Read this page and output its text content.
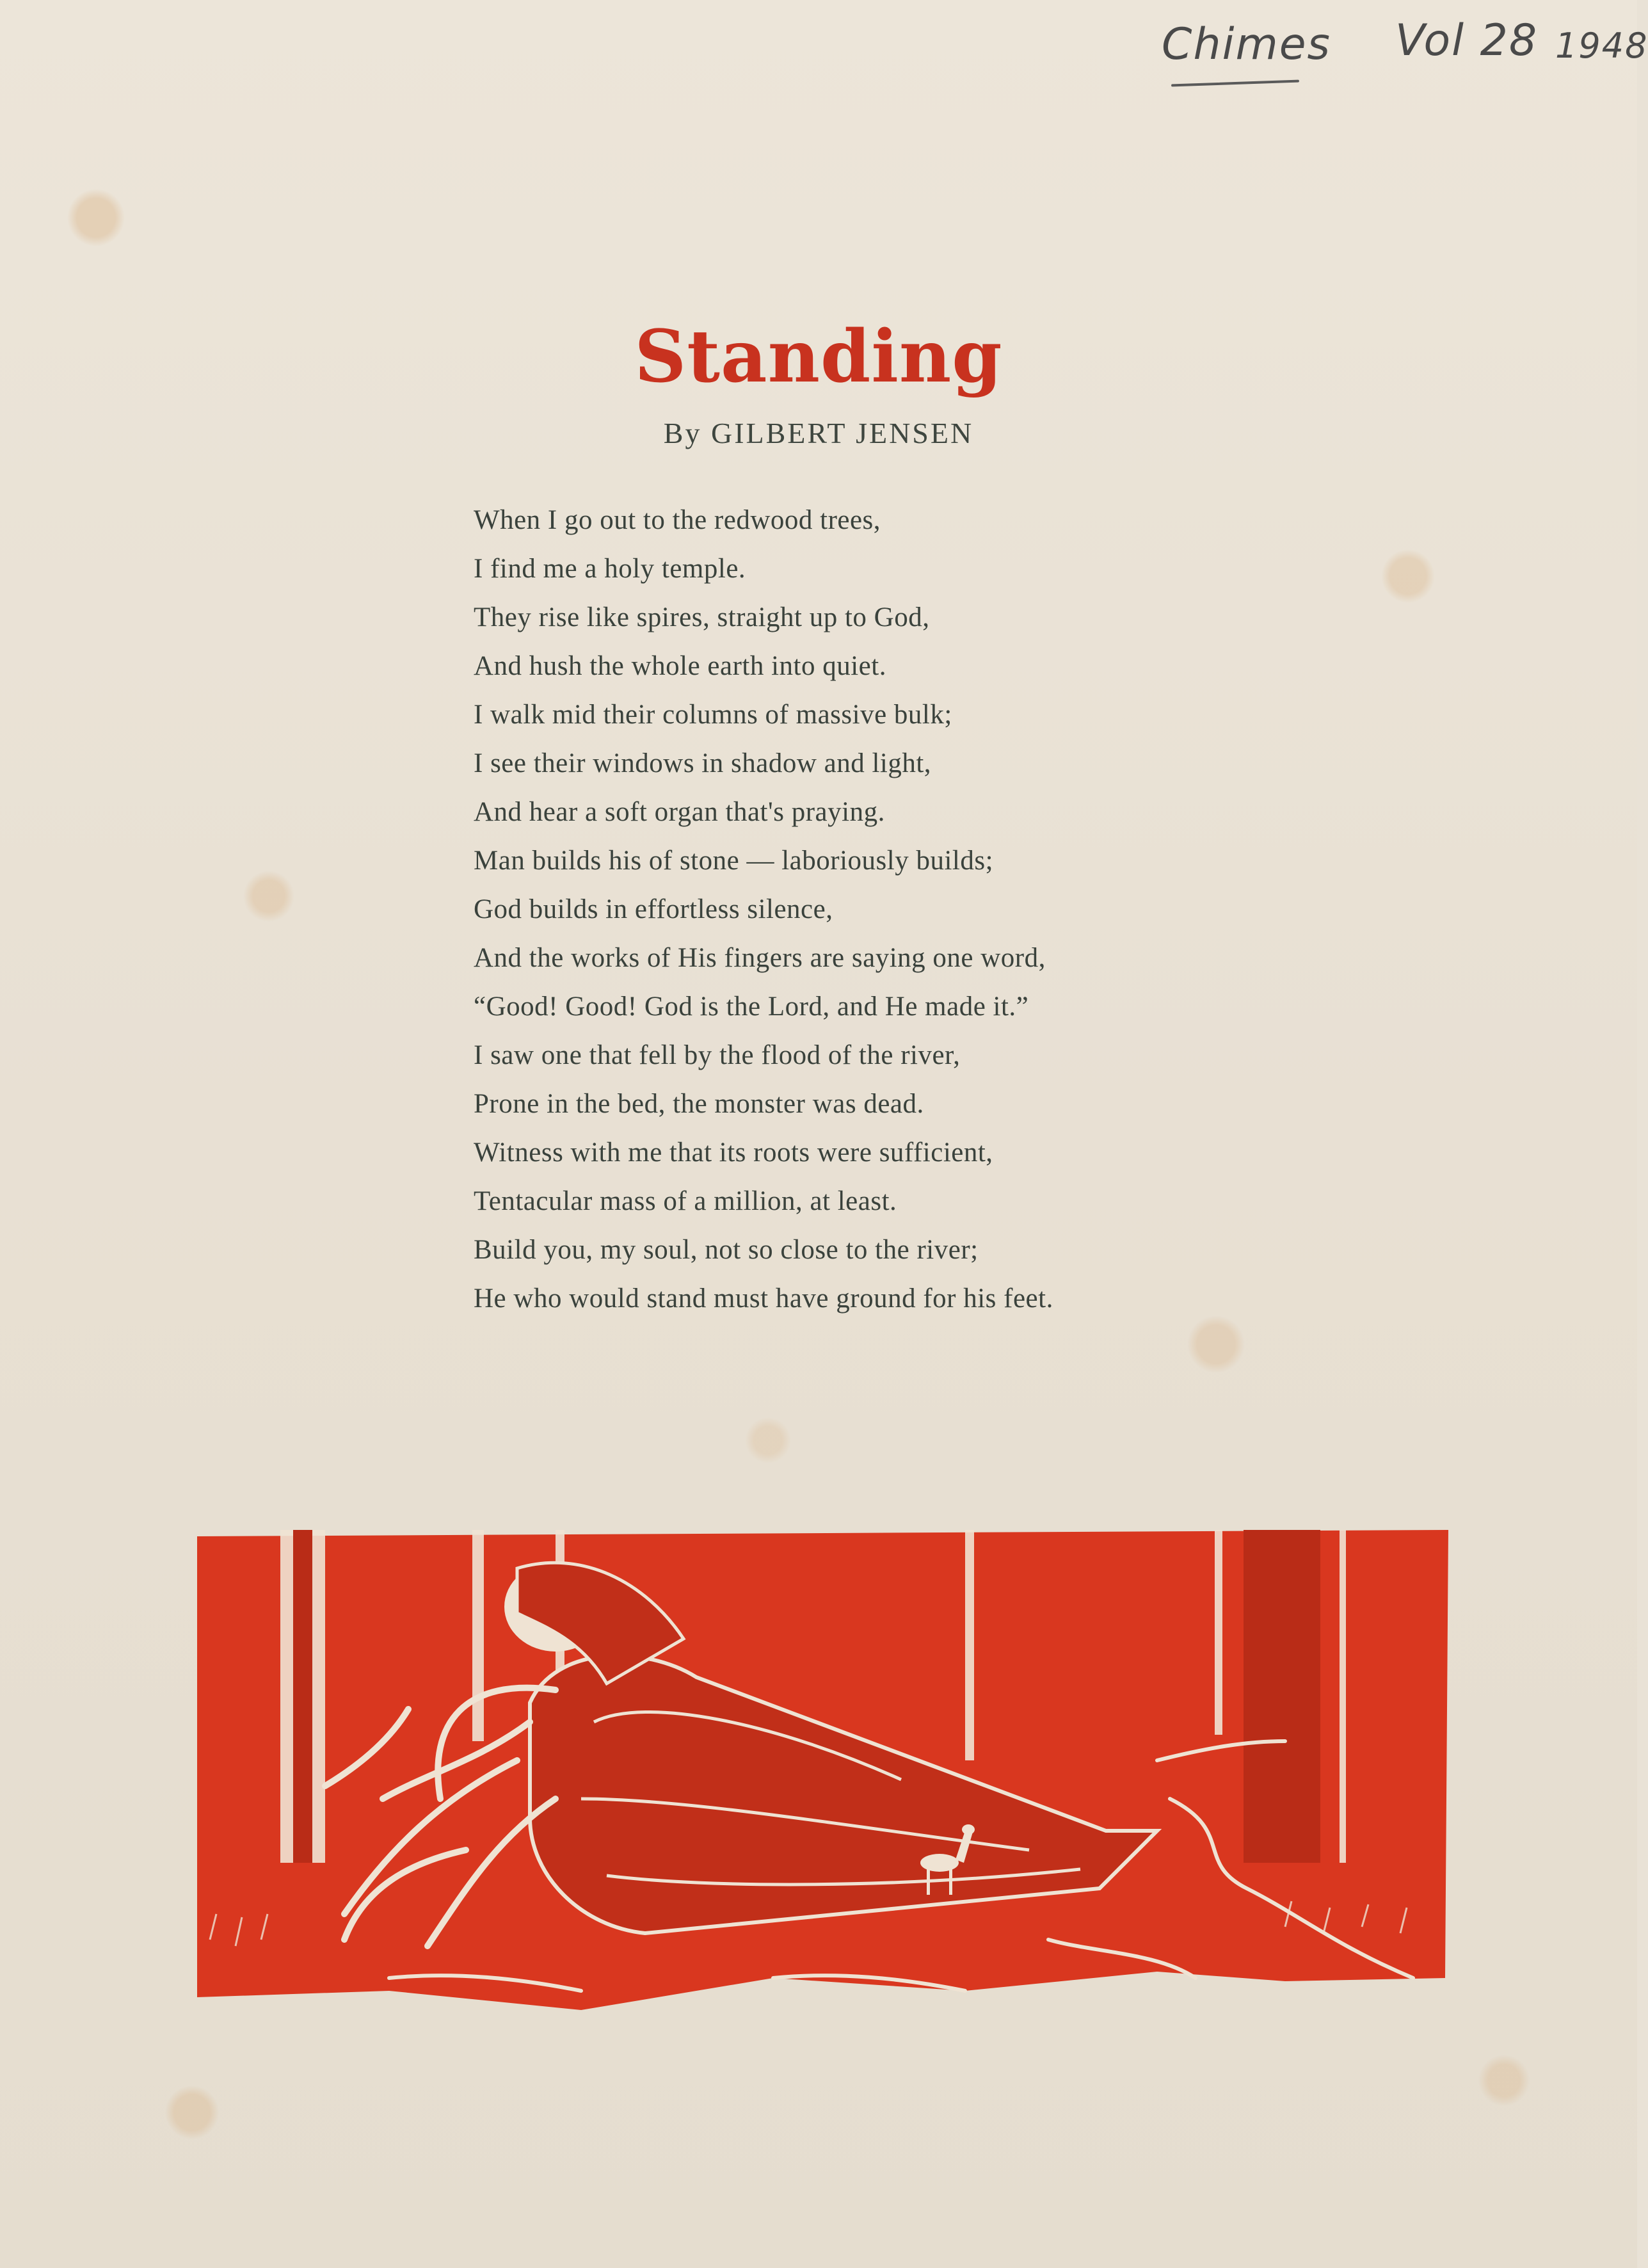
Chimes Vol 28 1948
Standing
By GILBERT JENSEN
When I go out to the redwood trees,
I find me a holy temple.
They rise like spires, straight up to God,
And hush the whole earth into quiet.
I walk mid their columns of massive bulk;
I see their windows in shadow and light,
And hear a soft organ that's praying.
Man builds his of stone — laboriously builds;
God builds in effortless silence,
And the works of His fingers are saying one word,
“Good! Good! God is the Lord, and He made it.”
I saw one that fell by the flood of the river,
Prone in the bed, the monster was dead.
Witness with me that its roots were sufficient,
Tentacular mass of a million, at least.
Build you, my soul, not so close to the river;
He who would stand must have ground for his feet.
